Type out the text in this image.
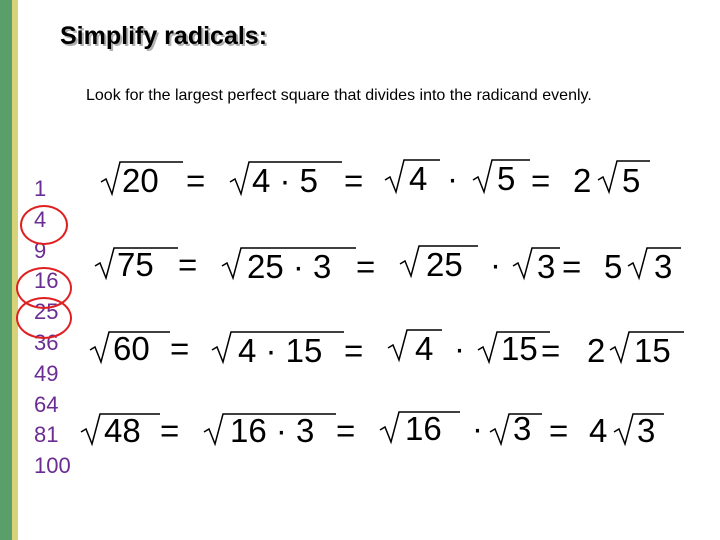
Simplify radicals:

Look for the largest perfect square that divides into the radicand evenly.

1
4
9
16
25
36
49
64
81
100
20 = 4 · 5 = 4 · 5 = 2 5
75 = 25 · 3 = 25 · 3 = 5 3
60 = 4 · 15 = 4 · 15 = 2 15
48 = 16 · 3 = 16 · 3 = 4 3
